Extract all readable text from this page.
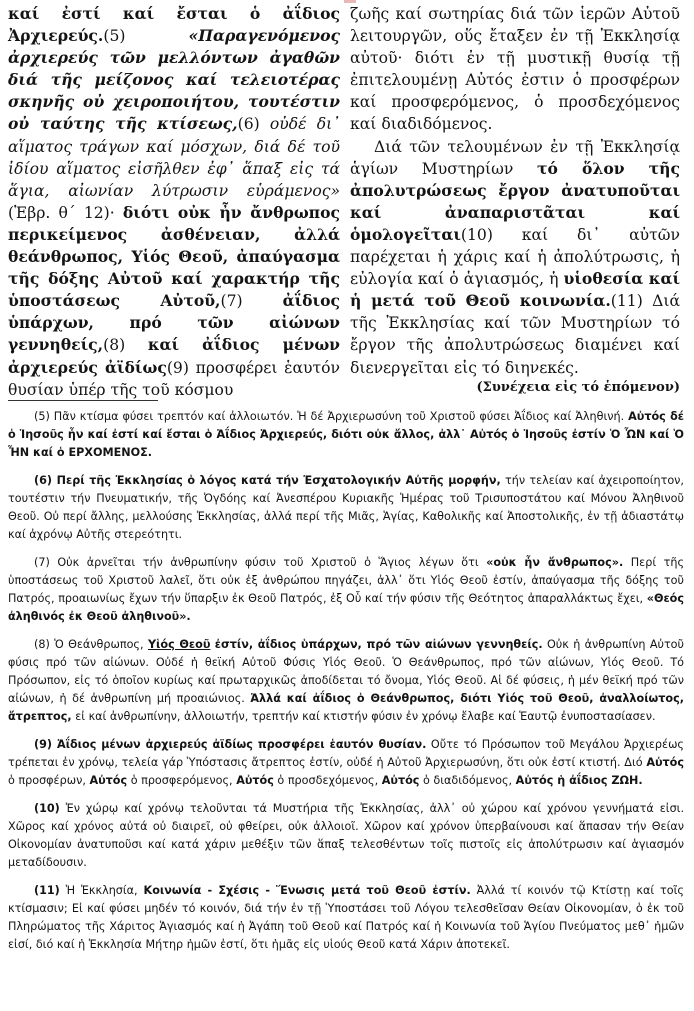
καί ἐστί καί ἔσται ὁ ἀΐδιος Ἀρχιερεύς.(5)	«Παραγενόμενος ἀρχιερεύς τῶν μελλόντων ἀγαθῶν διά τῆς μείζονος καί τελειοτέρας σκηνῆς οὐ χειροποιήτου, τουτέστιν οὐ ταύτης τῆς κτίσεως,(6) οὐδέ δι᾽ αἵματος τράγων καί μόσχων, διά δέ τοῦ ἰδίου αἵματος εἰσῆλθεν ἐφ᾽ ἅπαξ εἰς τά ἅγια, αἰωνίαν λύτρωσιν εὑράμενος» (Ἑβρ. θ´ 12)· διότι οὐκ ἦν ἄνθρωπος περικείμενος ἀσθένειαν, ἀλλά θεάνθρωπος, Υἱός Θεοῦ, ἀπαύγασμα τῆς δόξης Αὐτοῦ καί χαρακτήρ τῆς ὑποστάσεως Αὐτοῦ,(7)	ἀΐδιος ὑπάρχων, πρό τῶν αἰώνων γεννηθείς,(8) καί ἀΐδιος μένων ἀρχιερεύς ἀϊδίως(9) προσφέρει ἑαυτόν θυσίαν ὑπέρ τῆς τοῦ κόσμου

ζωῆς καί σωτηρίας διά τῶν ἱερῶν Αὐτοῦ λειτουργῶν, οὕς ἔταξεν ἐν τῇ Ἐκκλησίᾳ αὐτοῦ· διότι ἐν τῇ μυστικῇ θυσίᾳ τῇ ἐπιτελουμένῃ Αὐτός ἐστιν ὁ προσφέρων καί προσφερόμενος, ὁ προσδεχόμενος καί διαδιδόμενος.

Διά τῶν τελουμένων ἐν τῇ Ἐκκλησίᾳ ἁγίων Μυστηρίων τό ὅλον τῆς ἀπολυτρώσεως ἔργον ἀνατυποῦται καί ἀναπαριστᾶται καί ὁμολογεῖται(10) καί δι᾽ αὐτῶν παρέχεται ἡ χάρις καί ἡ ἀπολύτρωσις, ἡ εὐλογία καί ὁ ἁγιασμός, ἡ υἱοθεσία καί ἡ μετά τοῦ Θεοῦ κοινωνία.(11) Διά τῆς Ἐκκλησίας καί τῶν Μυστηρίων τό ἔργον τῆς ἀπολυτρώσεως διαμένει καί διενεργεῖται εἰς τό διηνεκές.

(Συνέχεια εἰς τό ἑπόμενον)

(5) Πᾶν κτίσμα φύσει τρεπτόν καί ἀλλοιωτόν. Ἡ δέ Ἀρχιερωσύνη τοῦ Χριστοῦ φύσει Ἀΐδιος καί Ἀληθινή. Αὐτός δέ ὁ Ἰησοῦς ἦν καί ἐστί καί ἔσται ὁ Ἀΐδιος Ἀρχιερεύς, διότι οὐκ ἄλλος, ἀλλ᾽ Αὐτός ὁ Ἰησοῦς ἐστίν Ὁ ὮΝ καί Ὁ ἮΝ καί ὁ ΕΡΧΟΜΕΝΟΣ.

(6) Περί τῆς Ἐκκλησίας ὁ λόγος κατά τήν Ἐσχατολογικήν Αὐτῆς μορφήν, τήν τελείαν καί ἀχειροποίητον, τουτέστιν τήν Πνευματικήν, τῆς Ὀγδόης καί Ἀνεσπέρου Κυριακῆς Ἡμέρας τοῦ Τρισυποστάτου καί Μόνου Ἀληθινοῦ Θεοῦ. Οὐ περί ἄλλης, μελλούσης Ἐκκλησίας, ἀλλά περί τῆς Μιᾶς, Ἁγίας, Καθολικῆς καί Ἀποστολικῆς, ἐν τῇ ἀδιαστάτῳ καί ἀχρόνῳ Αὐτῆς στερεότητι.

(7) Οὐκ ἀρνεῖται τήν ἀνθρωπίνην φύσιν τοῦ Χριστοῦ ὁ Ἅγιος λέγων ὅτι «οὐκ ἦν ἄνθρωπος». Περί τῆς ὑποστάσεως τοῦ Χριστοῦ λαλεῖ, ὅτι οὐκ ἐξ ἀνθρώπου πηγάζει, ἀλλ᾽ ὅτι Υἱός Θεοῦ ἐστίν, ἀπαύγασμα τῆς δόξης τοῦ Πατρός, προαιωνίως ἔχων τήν ὕπαρξιν ἐκ Θεοῦ Πατρός, ἐξ Οὗ καί τήν φύσιν τῆς Θεότητος ἀπαραλλάκτως ἔχει, «Θεός ἀληθινός ἐκ Θεοῦ ἀληθινοῦ».

(8) Ὁ Θεάνθρωπος, Υἱός Θεοῦ ἐστίν, ἀΐδιος ὑπάρχων, πρό τῶν αἰώνων γεννηθείς. Οὐκ ἡ ἀνθρωπίνη Αὐτοῦ φύσις πρό τῶν αἰώνων. Οὐδέ ἡ θεϊκή Αὐτοῦ Φύσις Υἱός Θεοῦ. Ὁ Θεάνθρωπος, πρό τῶν αἰώνων, Υἱός Θεοῦ. Τό Πρόσωπον, εἰς τό ὁποῖον κυρίως καί πρωταρχικῶς ἀποδίδεται τό ὄνομα, Υἱός Θεοῦ. Αἱ δέ φύσεις, ἡ μέν θεϊκή πρό τῶν αἰώνων, ἡ δέ ἀνθρωπίνη μή προαιώνιος. Ἀλλά καί ἀΐδιος ὁ Θεάνθρωπος, διότι Υἱός τοῦ Θεοῦ, ἀναλλοίωτος, ἄτρεπτος, εἰ καί ἀνθρωπίνην, ἀλλοιωτήν, τρεπτήν καί κτιστήν φύσιν ἐν χρόνῳ ἔλαβε καί Ἑαυτῷ ἐνυποστασίασεν.

(9) Ἀΐδιος μένων ἀρχιερεύς ἀϊδίως προσφέρει ἑαυτόν θυσίαν. Οὔτε τό Πρόσωπον τοῦ Μεγάλου Ἀρχιερέως τρέπεται ἐν χρόνῳ, τελεία γάρ Ὑπόστασις ἄτρεπτος ἐστίν, οὐδέ ἡ Αὐτοῦ Ἀρχιερωσύνη, ὅτι οὐκ ἐστί κτιστή. Διό Αὐτός ὁ προσφέρων, Αὐτός ὁ προσφερόμενος, Αὐτός ὁ προσδεχόμενος, Αὐτός ὁ διαδιδόμενος, Αὐτός ἡ ἀΐδιος ΖΩΗ.

(10) Ἐν χώρῳ καί χρόνῳ τελοῦνται τά Μυστήρια τῆς Ἐκκλησίας, ἀλλ᾽ οὐ χώρου καί χρόνου γεννήματά εἰσι. Χῶρος καί χρόνος αὐτά οὐ διαιρεῖ, οὐ φθείρει, οὐκ ἀλλοιοῖ. Χῶρον καί χρόνον ὑπερβαίνουσι καί ἅπασαν τήν Θείαν Οἰκονομίαν ἀνατυποῦσι καί κατά χάριν μεθέξιν τῶν ἅπαξ τελεσθέντων τοῖς πιστοῖς εἰς ἀπολύτρωσιν καί ἁγιασμόν μεταδίδουσιν.

(11) Ἡ Ἐκκλησία, Κοινωνία - Σχέσις - Ἕνωσις μετά τοῦ Θεοῦ ἐστίν. Ἀλλά τί κοινόν τῷ Κτίστῃ καί τοῖς κτίσμασιν; Εἰ καί φύσει μηδέν τό κοινόν, διά τήν ἐν τῇ Ὑποστάσει τοῦ Λόγου τελεσθεῖσαν Θείαν Οἰκονομίαν, ὁ ἐκ τοῦ Πληρώματος τῆς Χάριτος Ἁγιασμός καί ἡ Ἀγάπη τοῦ Θεοῦ καί Πατρός καί ἡ Κοινωνία τοῦ Ἁγίου Πνεύματος μεθ᾽ ἡμῶν εἰσί, διό καί ἡ Ἐκκλησία Μήτηρ ἡμῶν ἐστί, ὅτι ἡμᾶς εἰς υἱούς Θεοῦ κατά Χάριν ἀποτεκεῖ.
